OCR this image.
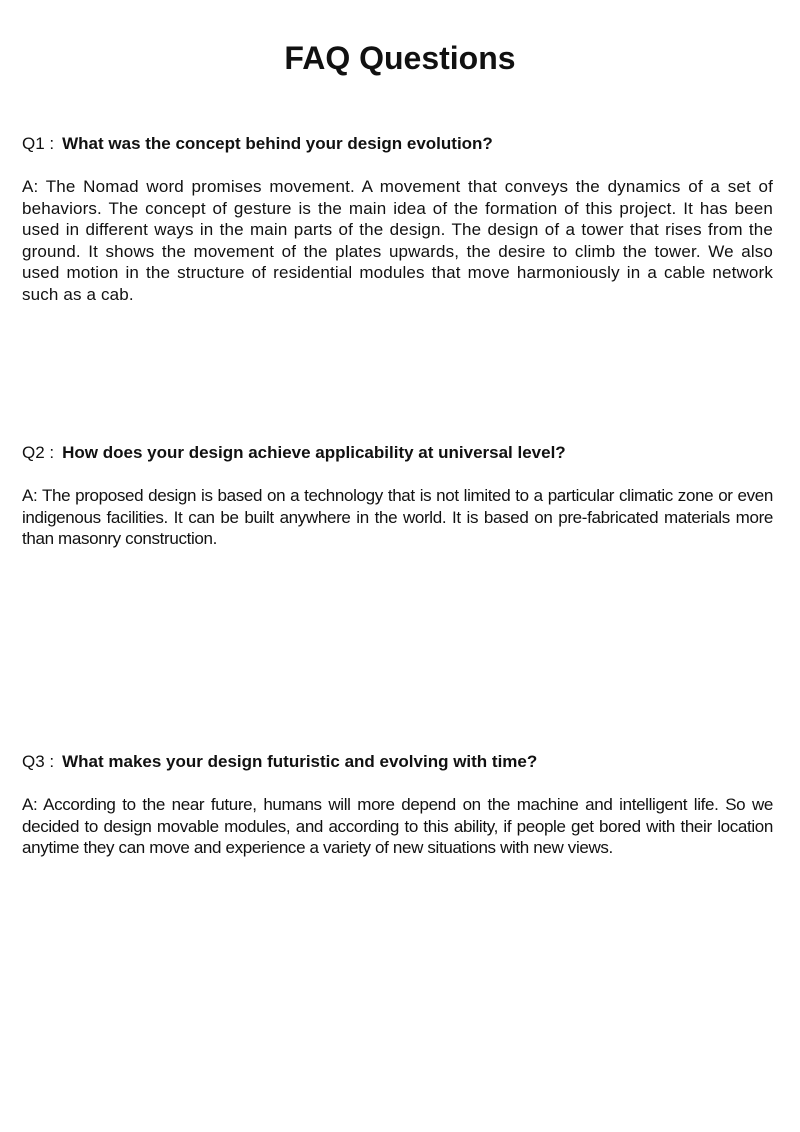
FAQ Questions

Q1 : What was the concept behind your design evolution?

A: The Nomad word promises movement. A movement that conveys the dynamics of a set of behaviors. The concept of gesture is the main idea of the formation of this project. It has been used in different ways in the main parts of the design. The design of a tower that rises from the ground. It shows the movement of the plates upwards, the desire to climb the tower. We also used motion in the structure of residential modules that move harmoniously in a cable network such as a cab.

Q2 : How does your design achieve applicability at universal level?

A: The proposed design is based on a technology that is not limited to a particular climatic zone or even indigenous facilities. It can be built anywhere in the world. It is based on pre-fabricated materials more than masonry construction.

Q3 : What makes your design futuristic and evolving with time?

A: According to the near future, humans will more depend on the machine and intelligent life. So we decided to design movable modules, and according to this ability, if people get bored with their location anytime they can move and experience a variety of new situations with new views.
